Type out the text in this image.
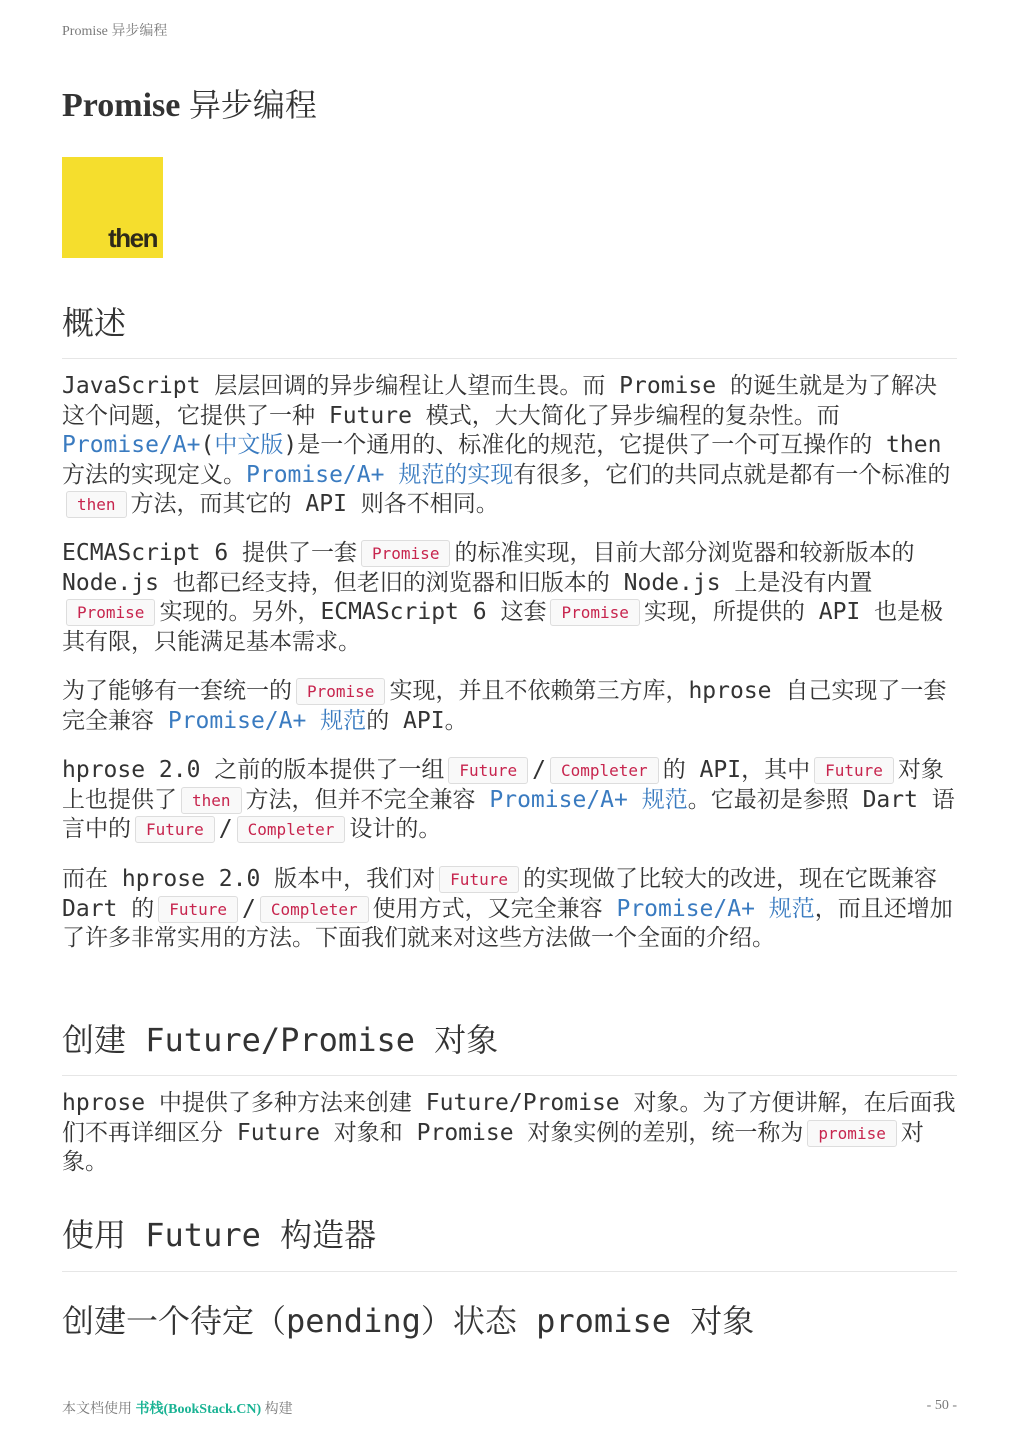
Promise 异步编程
Promise 异步编程
then
概述

JavaScript 层层回调的异步编程让人望而生畏。而 Promise 的诞生就是为了解决这个问题，它提供了一种 Future 模式，大大简化了异步编程的复杂性。而 Promise/A+(中文版)是一个通用的、标准化的规范，它提供了一个可互操作的 then 方法的实现定义。Promise/A+ 规范的实现有很多，它们的共同点就是都有一个标准的then 方法，而其它的 API 则各不相同。

ECMAScript 6 提供了一套 Promise 的标准实现，目前大部分浏览器和较新版本的 Node.js 也都已经支持，但老旧的浏览器和旧版本的 Node.js 上是没有内置Promise 实现的。另外，ECMAScript 6 这套 Promise 实现，所提供的 API 也是极其有限，只能满足基本需求。

为了能够有一套统一的 Promise 实现，并且不依赖第三方库，hprose 自己实现了一套完全兼容 Promise/A+ 规范的 API。

hprose 2.0 之前的版本提供了一组 Future / Completer 的 API，其中 Future 对象上也提供了 then 方法，但并不完全兼容 Promise/A+ 规范。它最初是参照 Dart 语言中的 Future / Completer 设计的。

而在 hprose 2.0 版本中，我们对 Future 的实现做了比较大的改进，现在它既兼容 Dart 的 Future / Completer 使用方式，又完全兼容 Promise/A+ 规范，而且还增加了许多非常实用的方法。下面我们就来对这些方法做一个全面的介绍。

创建 Future/Promise 对象

hprose 中提供了多种方法来创建 Future/Promise 对象。为了方便讲解，在后面我们不再详细区分 Future 对象和 Promise 对象实例的差别，统一称为 promise 对象。

使用 Future 构造器
创建一个待定（pending）状态 promise 对象
本文档使用 书栈(BookStack.CN) 构建	- 50 -
